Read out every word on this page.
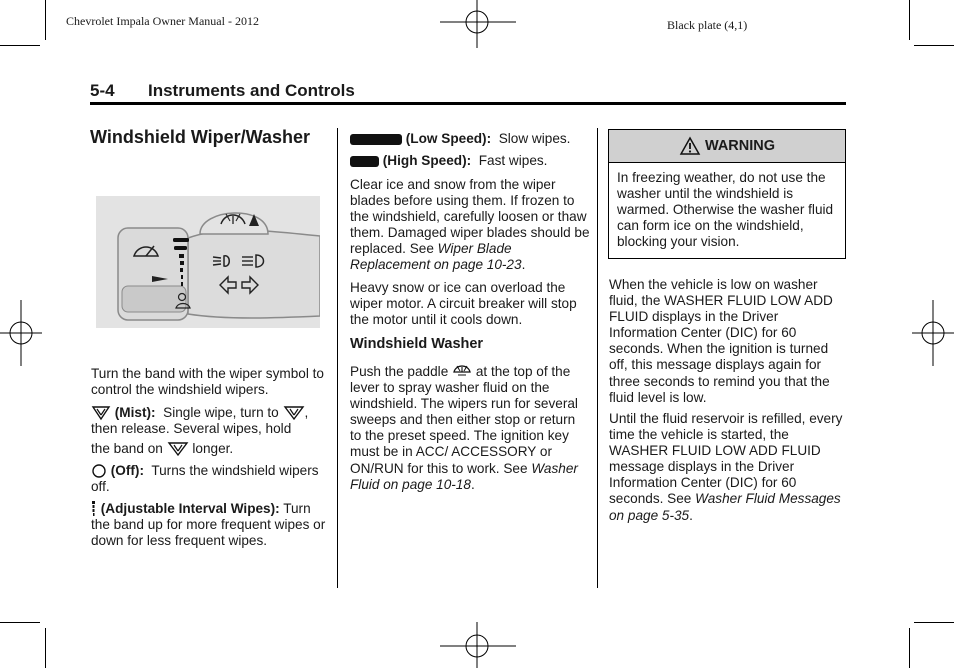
Chevrolet Impala Owner Manual - 2012	Black plate (4,1)
5-4 Instruments and Controls
Windshield Wiper/Washer
Turn the band with the wiper symbol to control the windshield wipers.
(Mist): Single wipe, turn to , then release. Several wipes, hold
the band on longer.
(Off): Turns the windshield wipers off.
(Adjustable Interval Wipes): Turn the band up for more frequent wipes or down for less frequent wipes.
(Low Speed): Slow wipes.
(High Speed): Fast wipes.
Clear ice and snow from the wiper blades before using them. If frozen to the windshield, carefully loosen or thaw them. Damaged wiper blades should be replaced. See Wiper Blade Replacement on page 10-23.
Heavy snow or ice can overload the wiper motor. A circuit breaker will stop the motor until it cools down.
Windshield Washer
Push the paddle at the top of the lever to spray washer fluid on the windshield. The wipers run for several sweeps and then either stop or return to the preset speed. The ignition key must be in ACC/ ACCESSORY or ON/RUN for this to work. See Washer Fluid on page 10-18.
WARNING
In freezing weather, do not use the washer until the windshield is warmed. Otherwise the washer fluid can form ice on the windshield, blocking your vision.
When the vehicle is low on washer fluid, the WASHER FLUID LOW ADD FLUID displays in the Driver Information Center (DIC) for 60 seconds. When the ignition is turned off, this message displays again for three seconds to remind you that the fluid level is low.
Until the fluid reservoir is refilled, every time the vehicle is started, the WASHER FLUID LOW ADD FLUID message displays in the Driver Information Center (DIC) for 60 seconds. See Washer Fluid Messages on page 5-35.
